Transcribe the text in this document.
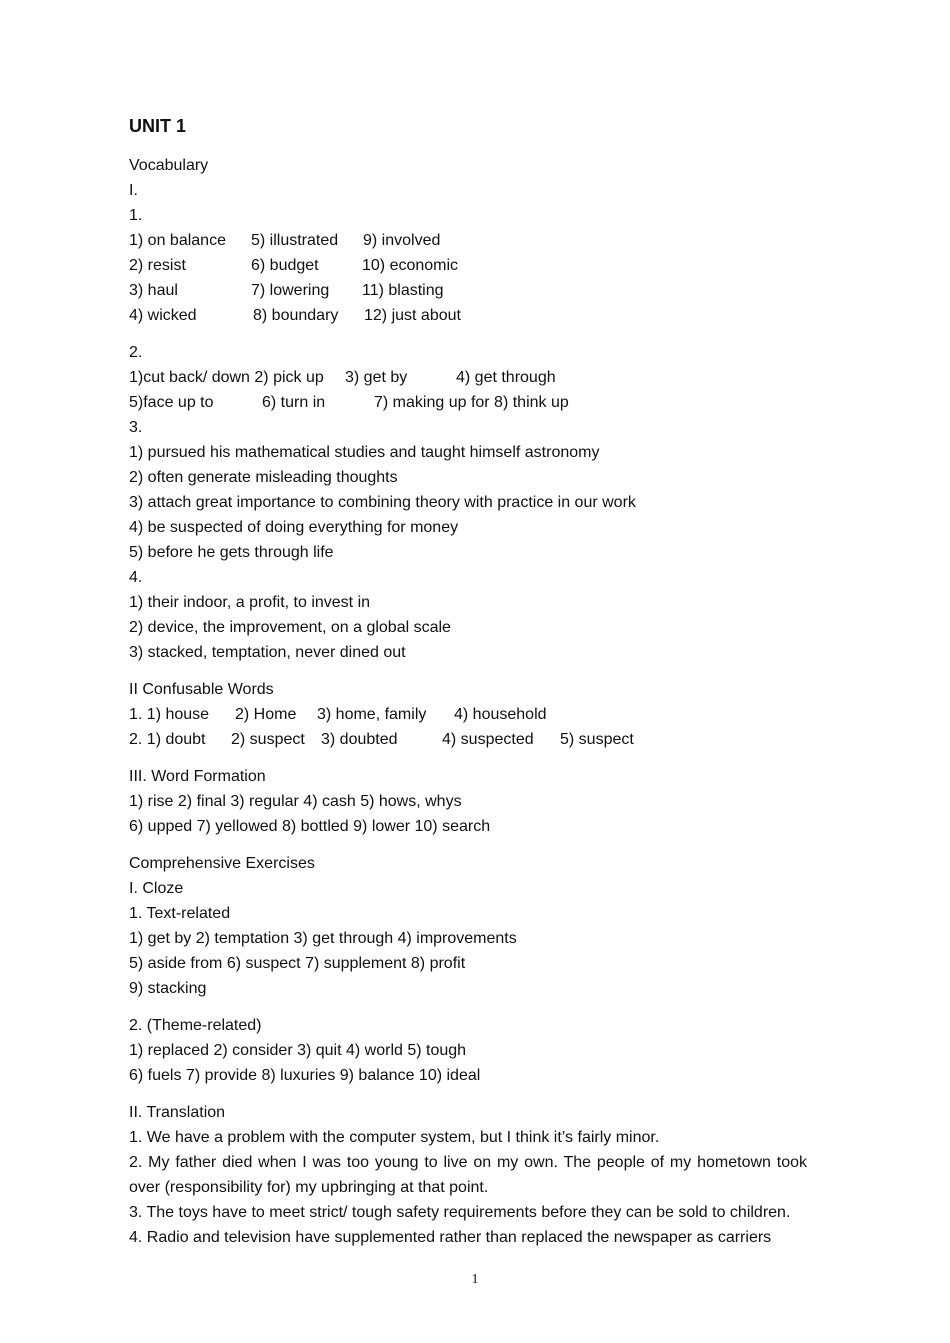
UNIT 1
Vocabulary
I.
1.
1) on balance 5) illustrated 9) involved
2) resist	6) budget	10) economic
3) haul	7) lowering 11) blasting
4) wicked	8) boundary 12) just about
2.
1)cut back/ down 2) pick up 3) get by	4) get through
5)face up to	6) turn in	7) making up for 8) think up
3.
1) pursued his mathematical studies and taught himself astronomy
2) often generate misleading thoughts
3) attach great importance to combining theory with practice in our work
4) be suspected of doing everything for money
5) before he gets through life
4.
1) their indoor, a profit, to invest in
2) device, the improvement, on a global scale
3) stacked, temptation, never dined out
II Confusable Words
1. 1) house 2) Home 3) home, family 4) household
2. 1) doubt 2) suspect 3) doubted	4) suspected 5) suspect
III. Word Formation
1) rise 2) final 3) regular 4) cash 5) hows, whys
6) upped 7) yellowed 8) bottled 9) lower 10) search
Comprehensive Exercises
I. Cloze
1. Text-related
1) get by 2) temptation 3) get through 4) improvements
5) aside from 6) suspect 7) supplement 8) profit
9) stacking
2. (Theme-related)
1) replaced 2) consider 3) quit 4) world 5) tough
6) fuels 7) provide 8) luxuries 9) balance 10) ideal
II. Translation
1. We have a problem with the computer system, but I think it’s fairly minor.
2. My father died when I was too young to live on my own. The people of my hometown took over (responsibility for) my upbringing at that point.
3. The toys have to meet strict/ tough safety requirements before they can be sold to children.
4. Radio and television have supplemented rather than replaced the newspaper as carriers
1
